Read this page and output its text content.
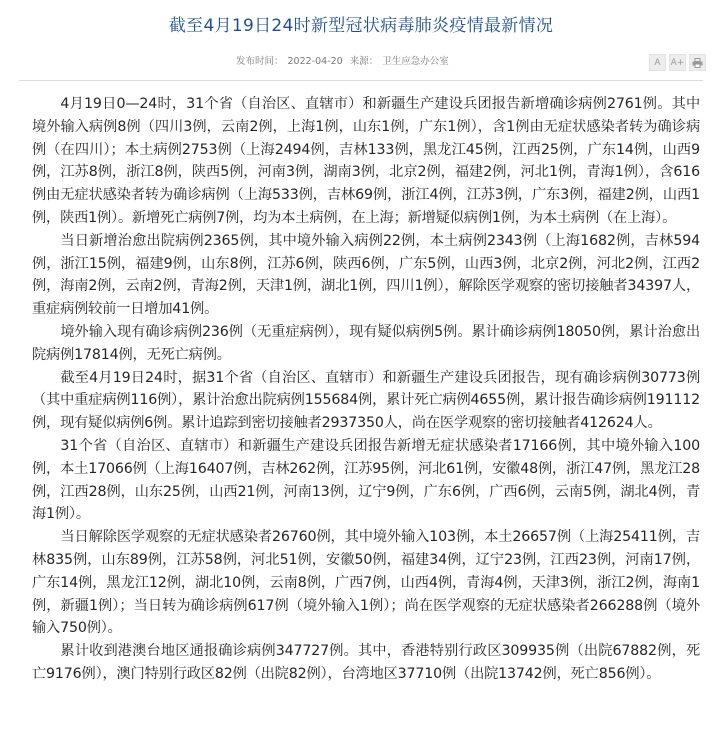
截至4月19日24时新型冠状病毒肺炎疫情最新情况
发布时间： 2022-04-20 来源： 卫生应急办公室	A A+

4月19日0—24时，31个省（自治区、直辖市）和新疆生产建设兵团报告新增确诊病例2761例。其中境外输入病例8例（四川3例，云南2例，上海1例，山东1例，广东1例），含1例由无症状感染者转为确诊病例（在四川）；本土病例2753例（上海2494例，吉林133例，黑龙江45例，江西25例，广东14例，山西9例，江苏8例，浙江8例，陕西5例，河南3例，湖南3例，北京2例，福建2例，河北1例，青海1例），含616例由无症状感染者转为确诊病例（上海533例，吉林69例，浙江4例，江苏3例，广东3例，福建2例，山西1例，陕西1例）。新增死亡病例7例，均为本土病例，在上海；新增疑似病例1例，为本土病例（在上海）。

当日新增治愈出院病例2365例，其中境外输入病例22例，本土病例2343例（上海1682例，吉林594例，浙江15例，福建9例，山东8例，江苏6例，陕西6例，广东5例，山西3例，北京2例，河北2例，江西2例，海南2例，云南2例，青海2例，天津1例，湖北1例，四川1例），解除医学观察的密切接触者34397人，重症病例较前一日增加41例。

境外输入现有确诊病例236例（无重症病例），现有疑似病例5例。累计确诊病例18050例，累计治愈出院病例17814例，无死亡病例。

截至4月19日24时，据31个省（自治区、直辖市）和新疆生产建设兵团报告，现有确诊病例30773例（其中重症病例116例），累计治愈出院病例155684例，累计死亡病例4655例，累计报告确诊病例191112例，现有疑似病例6例。累计追踪到密切接触者2937350人，尚在医学观察的密切接触者412624人。

31个省（自治区、直辖市）和新疆生产建设兵团报告新增无症状感染者17166例，其中境外输入100例，本土17066例（上海16407例，吉林262例，江苏95例，河北61例，安徽48例，浙江47例，黑龙江28例，江西28例，山东25例，山西21例，河南13例，辽宁9例，广东6例，广西6例，云南5例，湖北4例，青海1例）。

当日解除医学观察的无症状感染者26760例，其中境外输入103例，本土26657例（上海25411例，吉林835例，山东89例，江苏58例，河北51例，安徽50例，福建34例，辽宁23例，江西23例，河南17例，广东14例，黑龙江12例，湖北10例，云南8例，广西7例，山西4例，青海4例，天津3例，浙江2例，海南1例，新疆1例）；当日转为确诊病例617例（境外输入1例）；尚在医学观察的无症状感染者266288例（境外输入750例）。

累计收到港澳台地区通报确诊病例347727例。其中，香港特别行政区309935例（出院67882例，死亡9176例），澳门特别行政区82例（出院82例），台湾地区37710例（出院13742例，死亡856例）。
